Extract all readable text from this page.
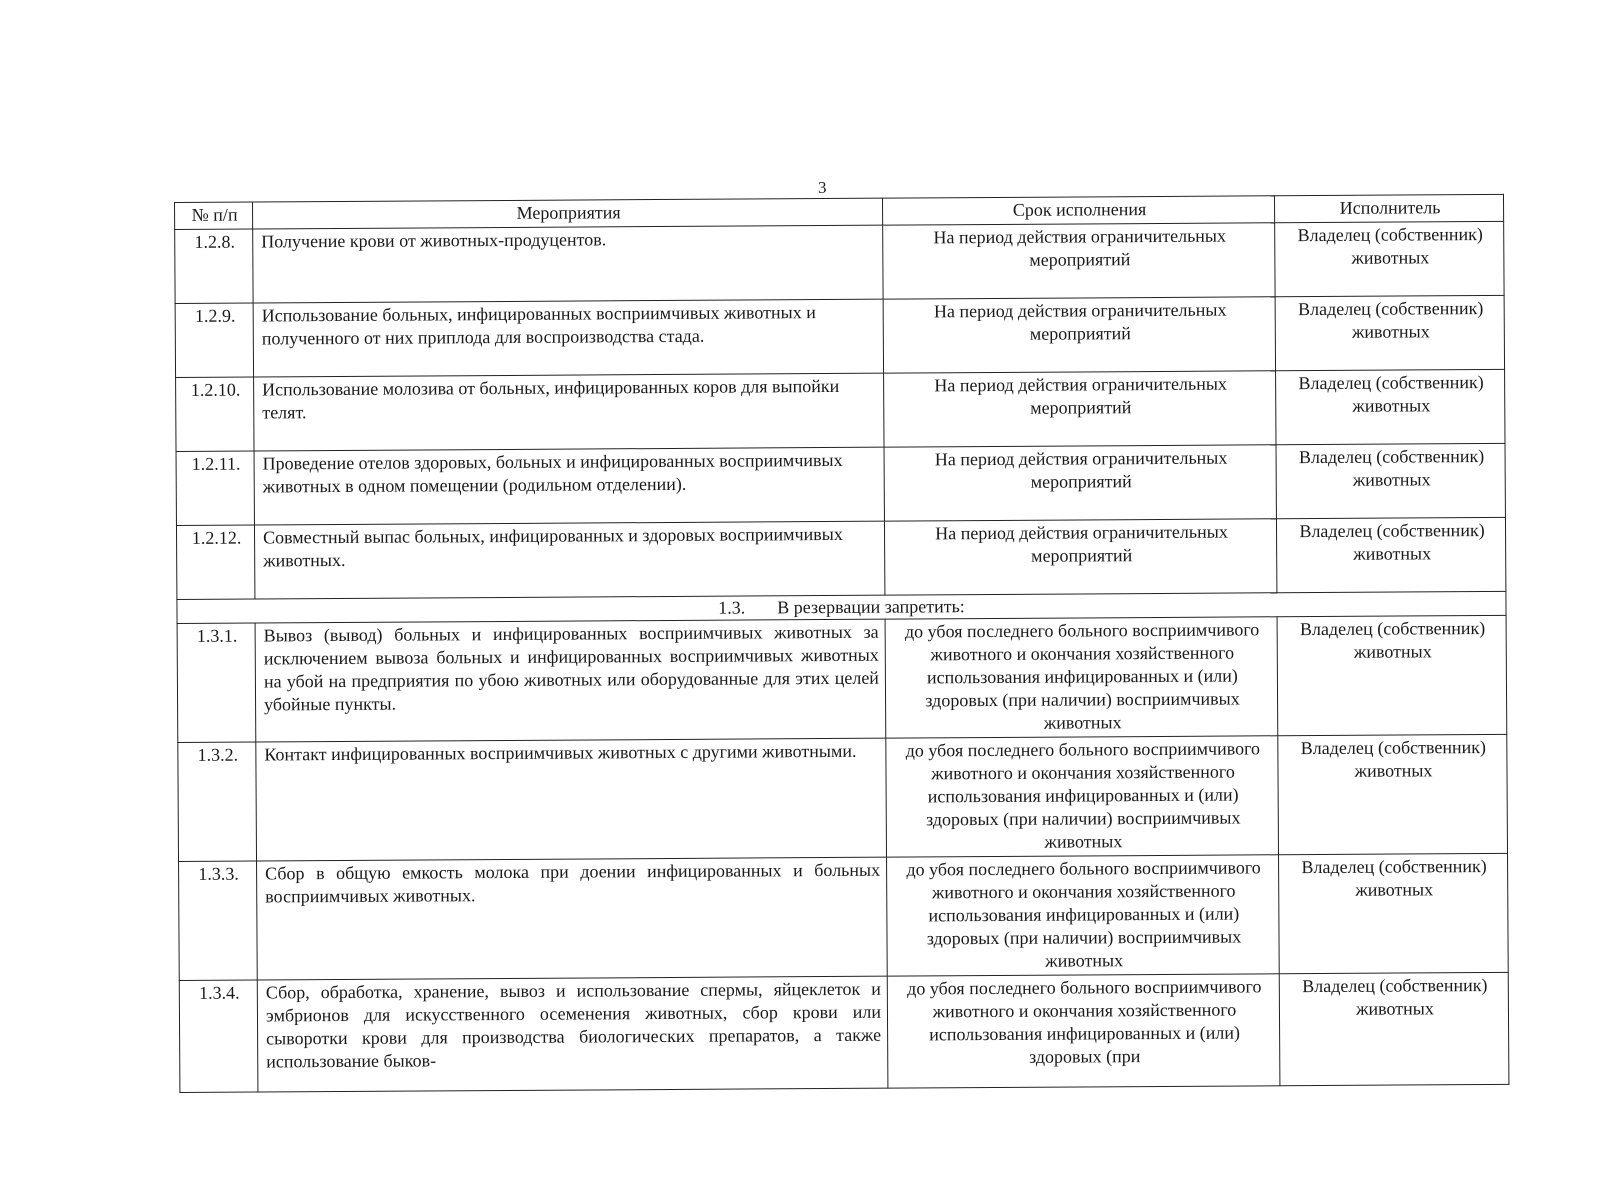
3
№ п/п	Мероприятия	Срок исполнения	Исполнитель
1.2.8.	Получение крови от животных-продуцентов.	На период действия ограничительных мероприятий	Владелец (собственник) животных
1.2.9.	Использование больных, инфицированных восприимчивых животных и полученного от них приплода для воспроизводства стада.	На период действия ограничительных мероприятий	Владелец (собственник) животных
1.2.10.	Использование молозива от больных, инфицированных коров для выпойки телят.	На период действия ограничительных мероприятий	Владелец (собственник) животных
1.2.11.	Проведение отелов здоровых, больных и инфицированных восприимчивых животных в одном помещении (родильном отделении).	На период действия ограничительных мероприятий	Владелец (собственник) животных
1.2.12.	Совместный выпас больных, инфицированных и здоровых восприимчивых животных.	На период действия ограничительных мероприятий	Владелец (собственник) животных
1.3. В резервации запретить:			
1.3.1.	Вывоз (вывод) больных и инфицированных восприимчивых животных за исключением вывоза больных и инфицированных восприимчивых животных на убой на предприятия по убою животных или оборудованные для этих целей убойные пункты.	до убоя последнего больного восприимчивого животного и окончания хозяйственного использования инфицированных и (или) здоровых (при наличии) восприимчивых животных	Владелец (собственник) животных
1.3.2.	Контакт инфицированных восприимчивых животных с другими животными.	до убоя последнего больного восприимчивого животного и окончания хозяйственного использования инфицированных и (или) здоровых (при наличии) восприимчивых животных	Владелец (собственник) животных
1.3.3.	Сбор в общую емкость молока при доении инфицированных и больных восприимчивых животных.	до убоя последнего больного восприимчивого животного и окончания хозяйственного использования инфицированных и (или) здоровых (при наличии) восприимчивых животных	Владелец (собственник) животных
1.3.4.	Сбор, обработка, хранение, вывоз и использование спермы, яйцеклеток и эмбрионов для искусственного осеменения животных, сбор крови или сыворотки крови для производства биологических препаратов, а также использование быков-	до убоя последнего больного восприимчивого животного и окончания хозяйственного использования инфицированных и (или) здоровых (при	Владелец (собственник) животных
